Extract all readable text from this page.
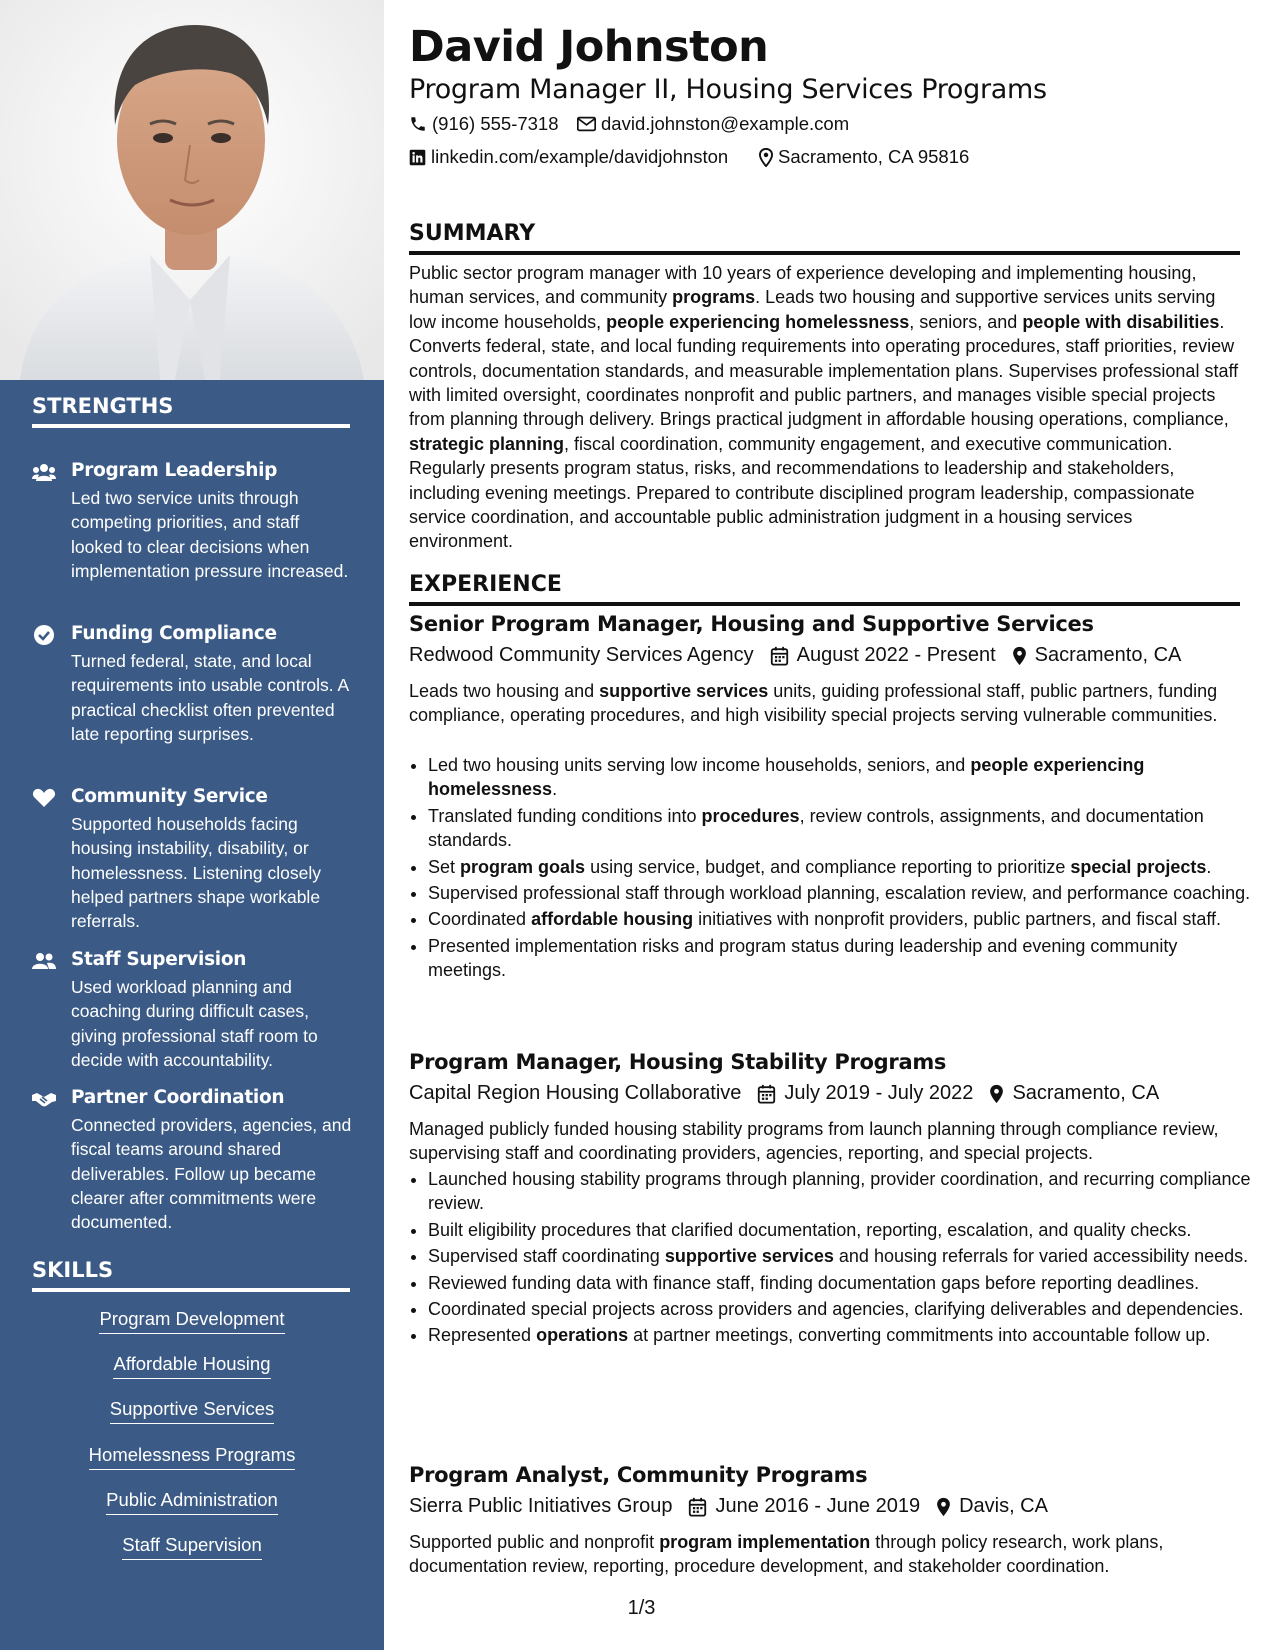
STRENGTHS
Program Leadership
Led two service units through competing priorities, and staff looked to clear decisions when implementation pressure increased.
Funding Compliance
Turned federal, state, and local requirements into usable controls. A practical checklist often prevented late reporting surprises.
Community Service
Supported households facing housing instability, disability, or homelessness. Listening closely helped partners shape workable referrals.
Staff Supervision
Used workload planning and coaching during difficult cases, giving professional staff room to decide with accountability.
Partner Coordination
Connected providers, agencies, and fiscal teams around shared deliverables. Follow up became clearer after commitments were documented.
SKILLS
Program Development
Affordable Housing
Supportive Services
Homelessness Programs
Public Administration
Staff Supervision
David Johnston
Program Manager II, Housing Services Programs
(916) 555-7318 david.johnston@example.com
linkedin.com/example/davidjohnston	Sacramento, CA 95816
SUMMARY
Public sector program manager with 10 years of experience developing and implementing housing, human services, and community programs. Leads two housing and supportive services units serving low income households, people experiencing homelessness, seniors, and people with disabilities. Converts federal, state, and local funding requirements into operating procedures, staff priorities, review controls, documentation standards, and measurable implementation plans. Supervises professional staff with limited oversight, coordinates nonprofit and public partners, and manages visible special projects from planning through delivery. Brings practical judgment in affordable housing operations, compliance, strategic planning, fiscal coordination, community engagement, and executive communication. Regularly presents program status, risks, and recommendations to leadership and stakeholders, including evening meetings. Prepared to contribute disciplined program leadership, compassionate service coordination, and accountable public administration judgment in a housing services environment.
EXPERIENCE
Senior Program Manager, Housing and Supportive Services
Redwood Community Services Agency August 2022 - Present Sacramento, CA
Leads two housing and supportive services units, guiding professional staff, public partners, funding compliance, operating procedures, and high visibility special projects serving vulnerable communities.
• Led two housing units serving low income households, seniors, and people experiencing homelessness.
• Translated funding conditions into procedures, review controls, assignments, and documentation standards.
• Set program goals using service, budget, and compliance reporting to prioritize special projects.
• Supervised professional staff through workload planning, escalation review, and performance coaching.
• Coordinated affordable housing initiatives with nonprofit providers, public partners, and fiscal staff.
• Presented implementation risks and program status during leadership and evening community meetings.
Program Manager, Housing Stability Programs
Capital Region Housing Collaborative July 2019 - July 2022 Sacramento, CA
Managed publicly funded housing stability programs from launch planning through compliance review, supervising staff and coordinating providers, agencies, reporting, and special projects.
• Launched housing stability programs through planning, provider coordination, and recurring compliance review.
• Built eligibility procedures that clarified documentation, reporting, escalation, and quality checks.
• Supervised staff coordinating supportive services and housing referrals for varied accessibility needs.
• Reviewed funding data with finance staff, finding documentation gaps before reporting deadlines.
• Coordinated special projects across providers and agencies, clarifying deliverables and dependencies.
• Represented operations at partner meetings, converting commitments into accountable follow up.
Program Analyst, Community Programs
Sierra Public Initiatives Group June 2016 - June 2019 Davis, CA
Supported public and nonprofit program implementation through policy research, work plans, documentation review, reporting, procedure development, and stakeholder coordination.
1/3
